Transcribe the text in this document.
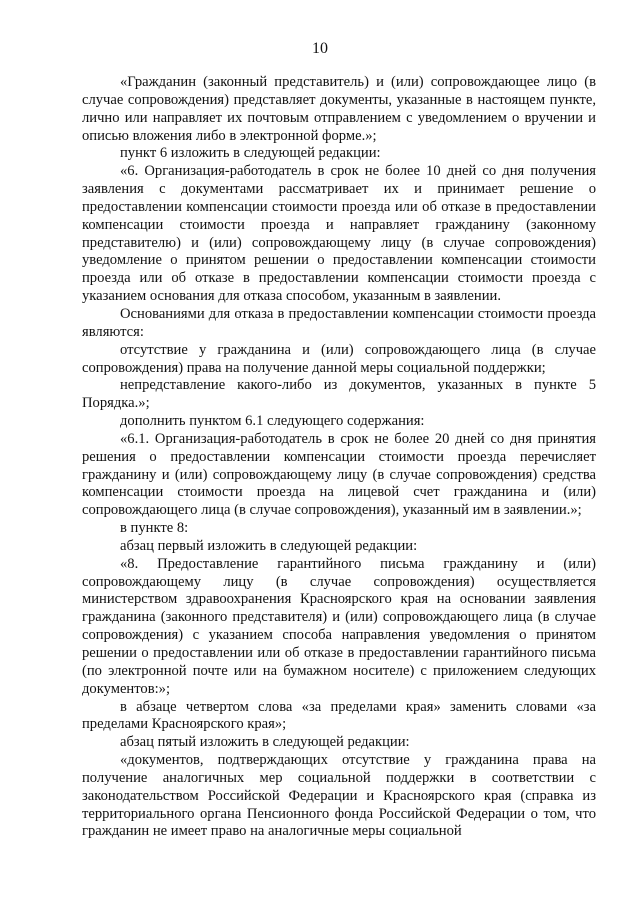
10

«Гражданин (законный представитель) и (или) сопровождающее лицо (в случае сопровождения) представляет документы, указанные в настоящем пункте, лично или направляет их почтовым отправлением с уведомлением о вручении и описью вложения либо в электронной форме.»;

пункт 6 изложить в следующей редакции:

«6. Организация-работодатель в срок не более 10 дней со дня получения заявления с документами рассматривает их и принимает решение о предоставлении компенсации стоимости проезда или об отказе в предоставлении компенсации стоимости проезда и направляет гражданину (законному представителю) и (или) сопровождающему лицу (в случае сопровождения) уведомление о принятом решении о предоставлении компенсации стоимости проезда или об отказе в предоставлении компенсации стоимости проезда с указанием основания для отказа способом, указанным в заявлении.

Основаниями для отказа в предоставлении компенсации стоимости проезда являются:

отсутствие у гражданина и (или) сопровождающего лица (в случае сопровождения) права на получение данной меры социальной поддержки;

непредставление какого-либо из документов, указанных в пункте 5 Порядка.»;

дополнить пунктом 6.1 следующего содержания:

«6.1. Организация-работодатель в срок не более 20 дней со дня принятия решения о предоставлении компенсации стоимости проезда перечисляет гражданину и (или) сопровождающему лицу (в случае сопровождения) средства компенсации стоимости проезда на лицевой счет гражданина и (или) сопровождающего лица (в случае сопровождения), указанный им в заявлении.»;

в пункте 8:

абзац первый изложить в следующей редакции:

«8. Предоставление гарантийного письма гражданину и (или) сопровождающему лицу (в случае сопровождения) осуществляется министерством здравоохранения Красноярского края на основании заявления гражданина (законного представителя) и (или) сопровождающего лица (в случае сопровождения) с указанием способа направления уведомления о принятом решении о предоставлении или об отказе в предоставлении гарантийного письма (по электронной почте или на бумажном носителе) с приложением следующих документов:»;

в абзаце четвертом слова «за пределами края» заменить словами «за пределами Красноярского края»;

абзац пятый изложить в следующей редакции:

«документов, подтверждающих отсутствие у гражданина права на получение аналогичных мер социальной поддержки в соответствии с законодательством Российской Федерации и Красноярского края (справка из территориального органа Пенсионного фонда Российской Федерации о том, что гражданин не имеет право на аналогичные меры социальной
